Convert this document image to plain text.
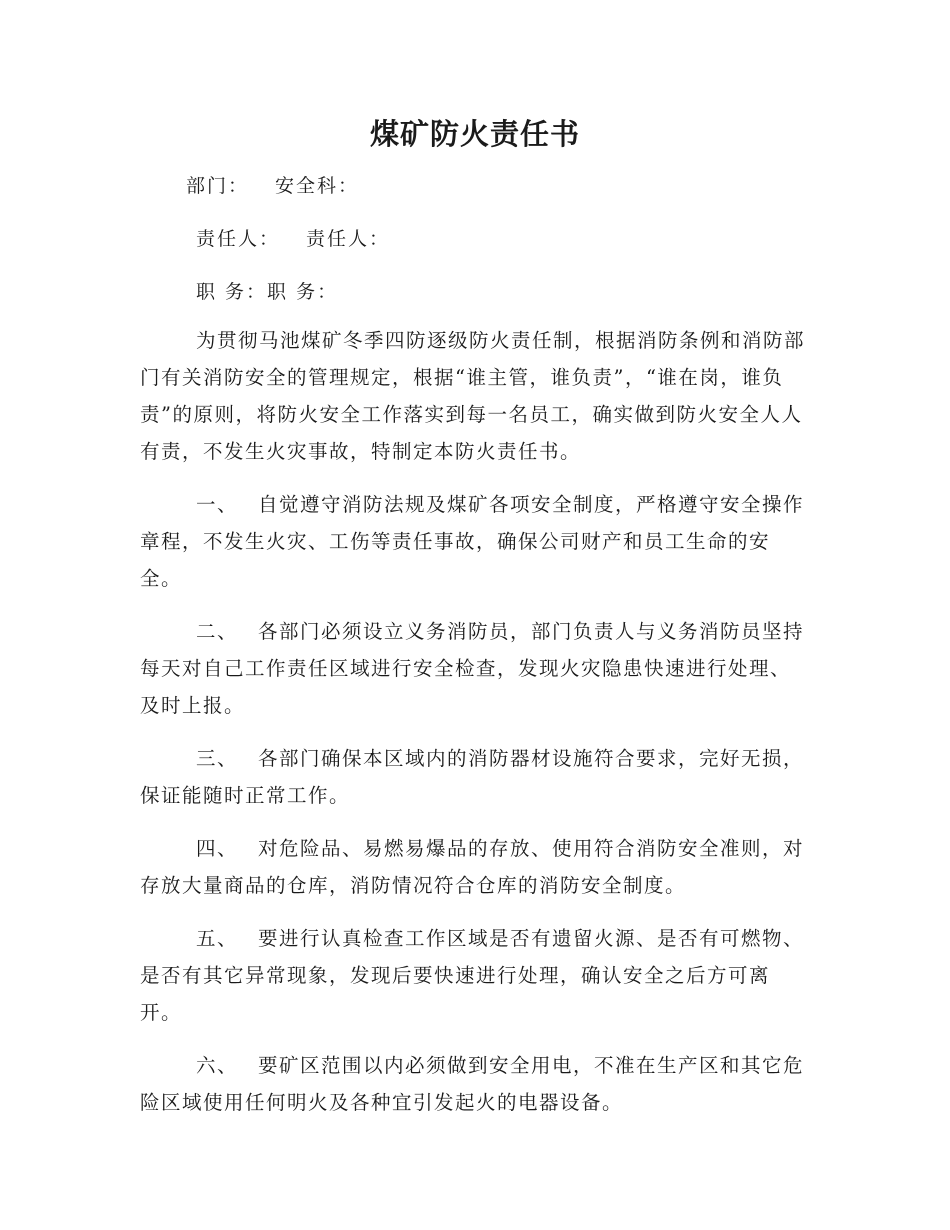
煤矿防火责任书

部门： 安全科：

责任人： 责任人：

职 务：职 务：

为贯彻马池煤矿冬季四防逐级防火责任制，根据消防条例和消防部门有关消防安全的管理规定，根据“谁主管，谁负责”，“谁在岗，谁负责”的原则，将防火安全工作落实到每一名员工，确实做到防火安全人人有责，不发生火灾事故，特制定本防火责任书。

一、 自觉遵守消防法规及煤矿各项安全制度，严格遵守安全操作章程，不发生火灾、工伤等责任事故，确保公司财产和员工生命的安全。

二、 各部门必须设立义务消防员，部门负责人与义务消防员坚持每天对自己工作责任区域进行安全检查，发现火灾隐患快速进行处理、及时上报。

三、 各部门确保本区域内的消防器材设施符合要求，完好无损，保证能随时正常工作。

四、 对危险品、易燃易爆品的存放、使用符合消防安全准则，对存放大量商品的仓库，消防情况符合仓库的消防安全制度。

五、 要进行认真检查工作区域是否有遗留火源、是否有可燃物、是否有其它异常现象，发现后要快速进行处理，确认安全之后方可离开。

六、 要矿区范围以内必须做到安全用电，不准在生产区和其它危险区域使用任何明火及各种宜引发起火的电器设备。
